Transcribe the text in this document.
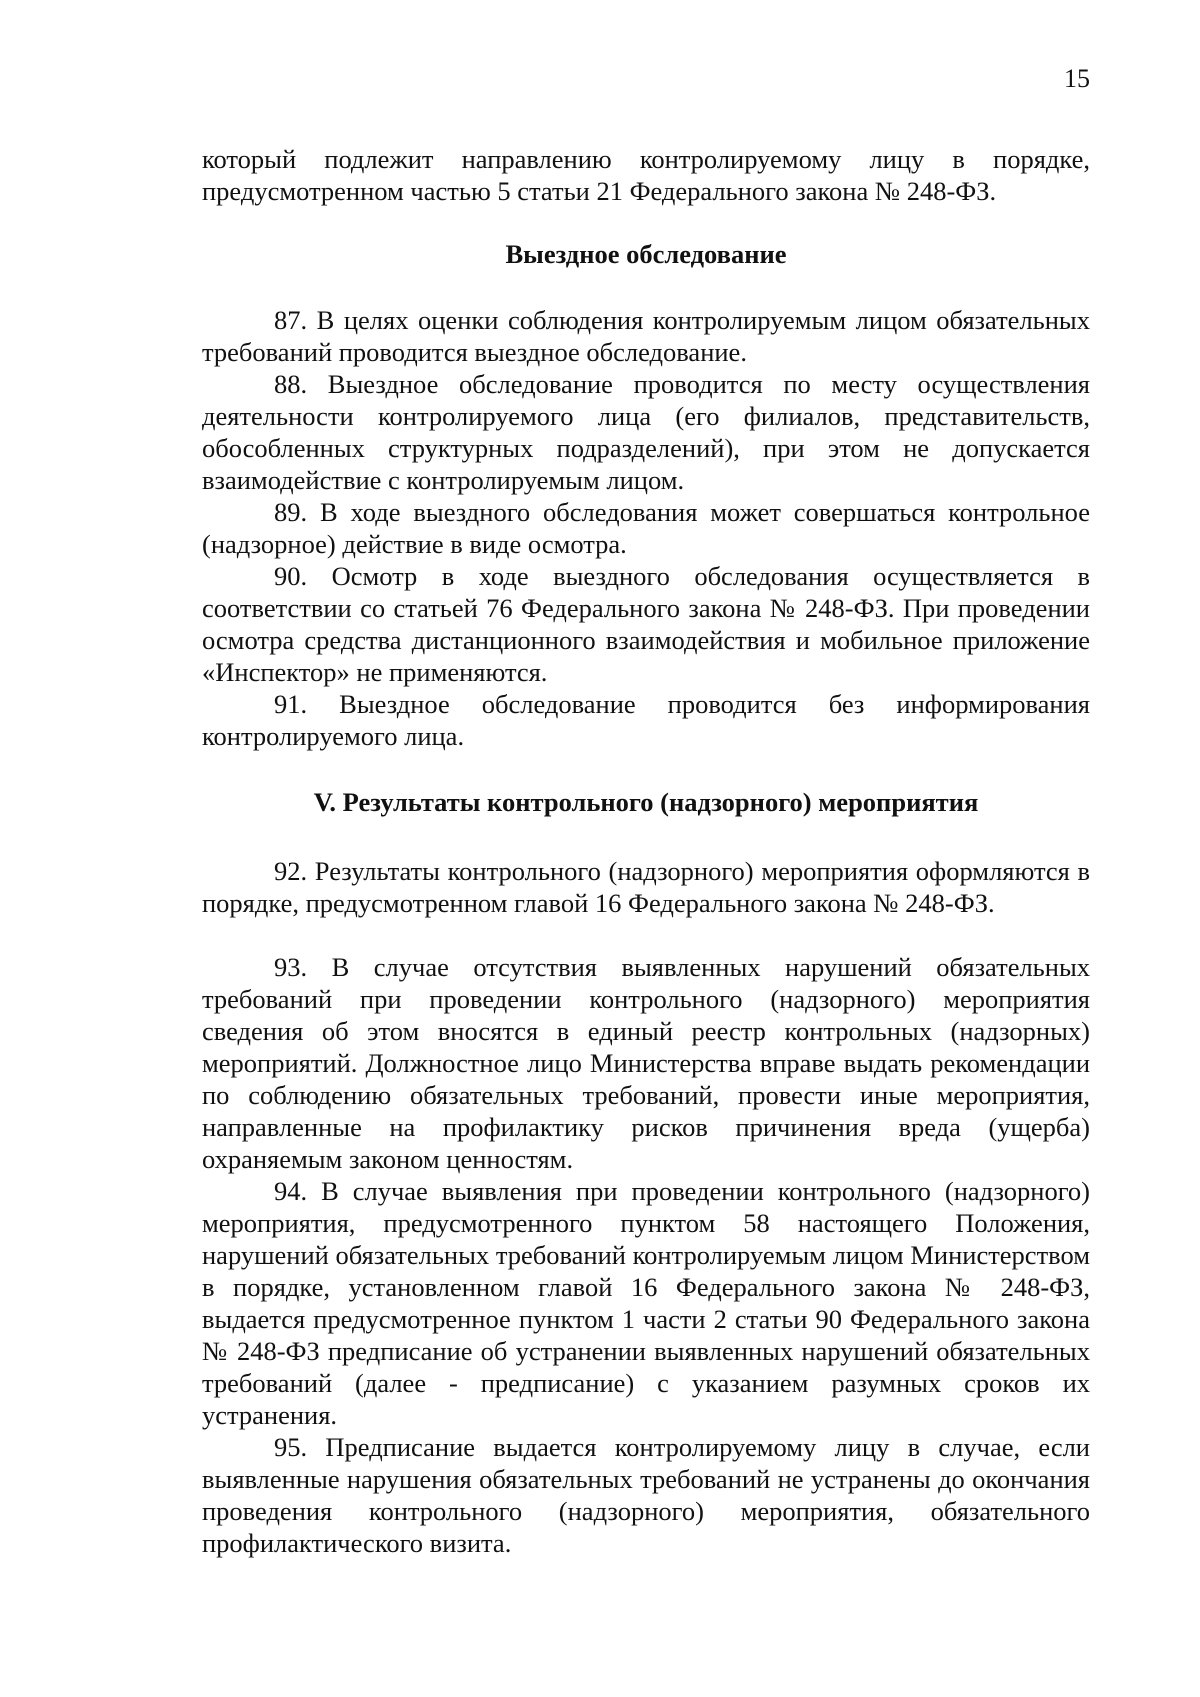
15

который подлежит направлению контролируемому лицу в порядке, предусмотренном частью 5 статьи 21 Федерального закона № 248-ФЗ.

Выездное обследование

87. В целях оценки соблюдения контролируемым лицом обязательных требований проводится выездное обследование.

88. Выездное обследование проводится по месту осуществления деятельности контролируемого лица (его филиалов, представительств, обособленных структурных подразделений), при этом не допускается взаимодействие с контролируемым лицом.

89. В ходе выездного обследования может совершаться контрольное (надзорное) действие в виде осмотра.

90. Осмотр в ходе выездного обследования осуществляется в соответствии со статьей 76 Федерального закона № 248-ФЗ. При проведении осмотра средства дистанционного взаимодействия и мобильное приложение «Инспектор» не применяются.

91. Выездное обследование проводится без информирования контролируемого лица.

V. Результаты контрольного (надзорного) мероприятия

92. Результаты контрольного (надзорного) мероприятия оформляются в порядке, предусмотренном главой 16 Федерального закона № 248-ФЗ.

93. В случае отсутствия выявленных нарушений обязательных требований при проведении контрольного (надзорного) мероприятия сведения об этом вносятся в единый реестр контрольных (надзорных) мероприятий. Должностное лицо Министерства вправе выдать рекомендации по соблюдению обязательных требований, провести иные мероприятия, направленные на профилактику рисков причинения вреда (ущерба) охраняемым законом ценностям.

94. В случае выявления при проведении контрольного (надзорного) мероприятия, предусмотренного пунктом 58 настоящего Положения, нарушений обязательных требований контролируемым лицом Министерством в порядке, установленном главой 16 Федерального закона № 248-ФЗ, выдается предусмотренное пунктом 1 части 2 статьи 90 Федерального закона № 248-ФЗ предписание об устранении выявленных нарушений обязательных требований (далее - предписание) с указанием разумных сроков их устранения.

95. Предписание выдается контролируемому лицу в случае, если выявленные нарушения обязательных требований не устранены до окончания проведения контрольного (надзорного) мероприятия, обязательного профилактического визита.
